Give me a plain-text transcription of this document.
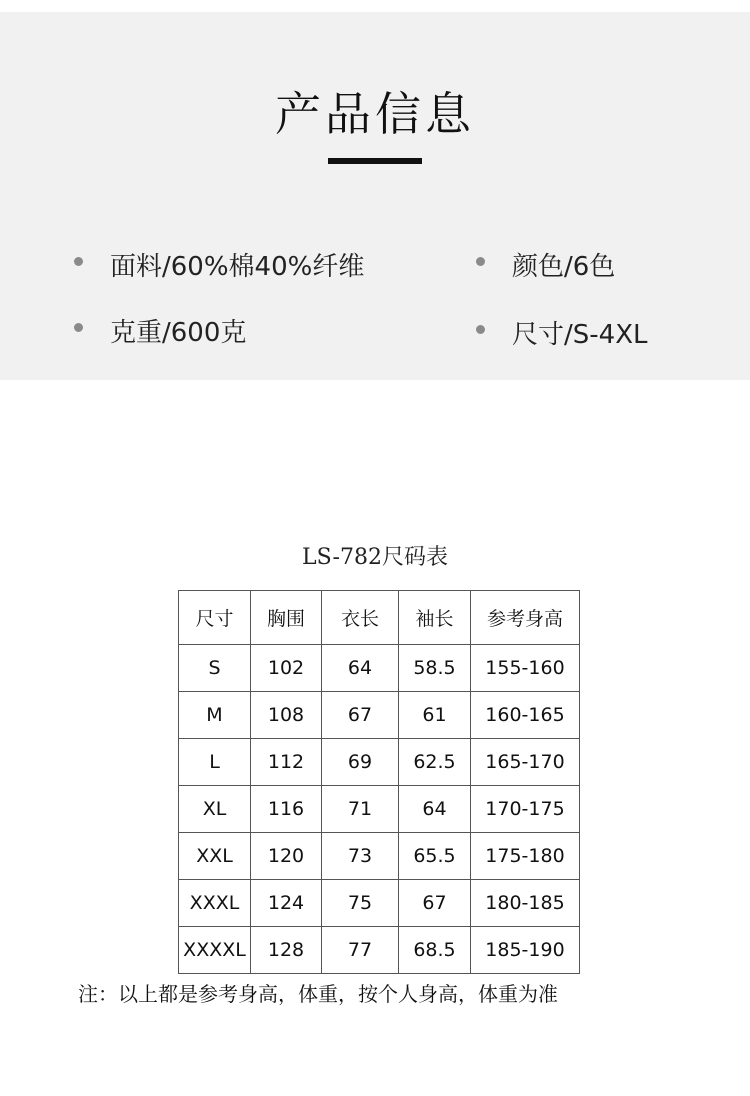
产品信息
面料/60%棉40%纤维	颜色/6色
克重/600克	尺寸/S-4XL
LS-782尺码表
尺寸	胸围	衣长	袖长	参考身高
S	102	64	58.5	155-160
M	108	67	61	160-165
L	112	69	62.5	165-170
XL	116	71	64	170-175
XXL	120	73	65.5	175-180
XXXL	124	75	67	180-185
XXXXL	128	77	68.5	185-190
注：以上都是参考身高，体重，按个人身高，体重为准
